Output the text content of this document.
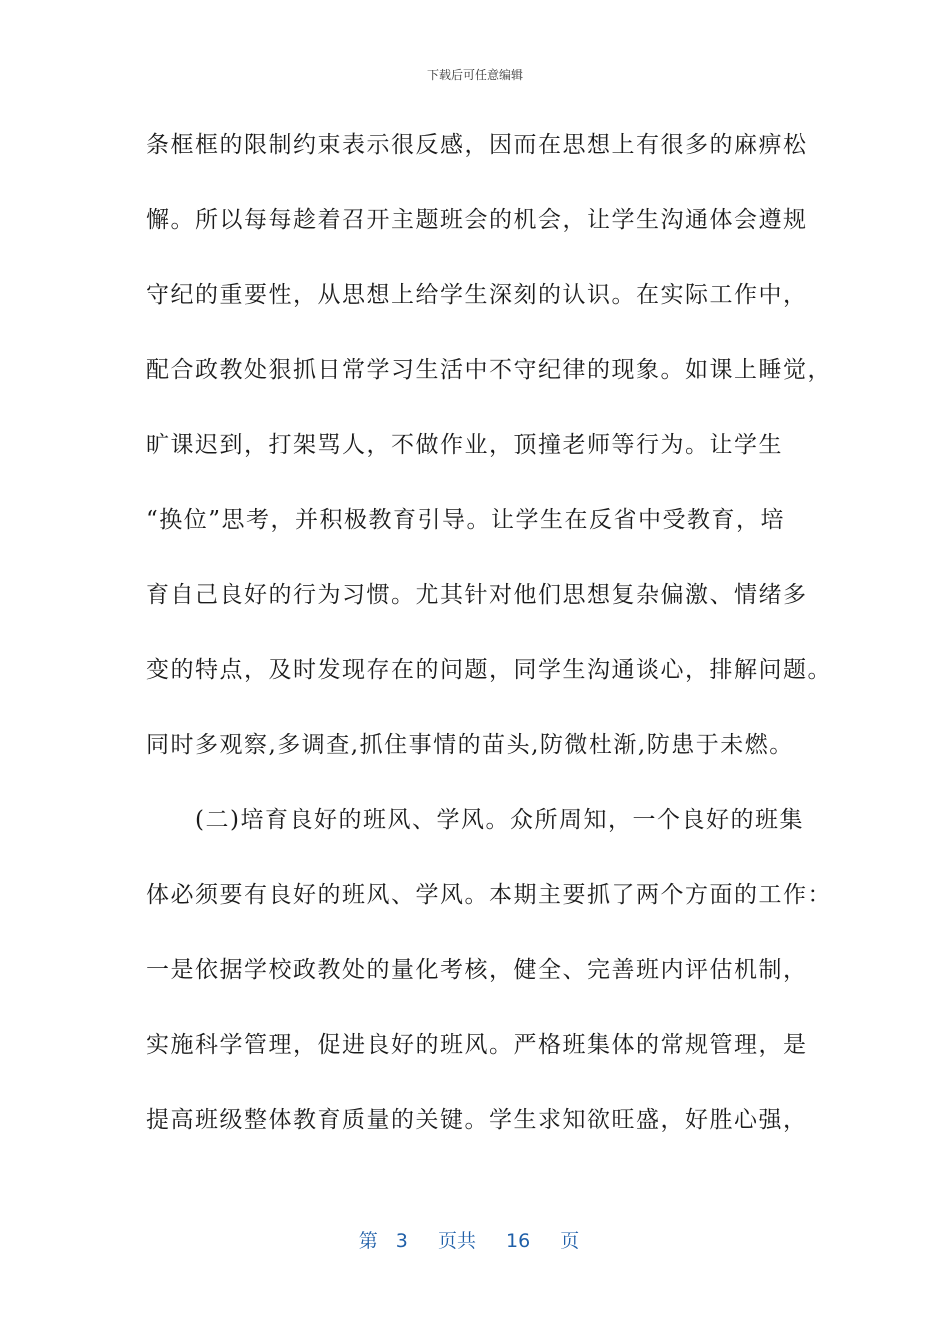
下载后可任意编辑
条框框的限制约束表示很反感，因而在思想上有很多的麻痹松
懈。所以每每趁着召开主题班会的机会，让学生沟通体会遵规
守纪的重要性，从思想上给学生深刻的认识。在实际工作中，
配合政教处狠抓日常学习生活中不守纪律的现象。如课上睡觉，
旷课迟到，打架骂人，不做作业，顶撞老师等行为。让学生
“换位”思考，并积极教育引导。让学生在反省中受教育，培
育自己良好的行为习惯。尤其针对他们思想复杂偏激、情绪多
变的特点，及时发现存在的问题，同学生沟通谈心，排解问题。
同时多观察,多调查,抓住事情的苗头,防微杜渐,防患于未燃。
　　(二)培育良好的班风、学风。众所周知，一个良好的班集
体必须要有良好的班风、学风。本期主要抓了两个方面的工作：
一是依据学校政教处的量化考核，健全、完善班内评估机制，
实施科学管理，促进良好的班风。严格班集体的常规管理，是
提高班级整体教育质量的关键。学生求知欲旺盛，好胜心强，
第 3 页共 16 页
